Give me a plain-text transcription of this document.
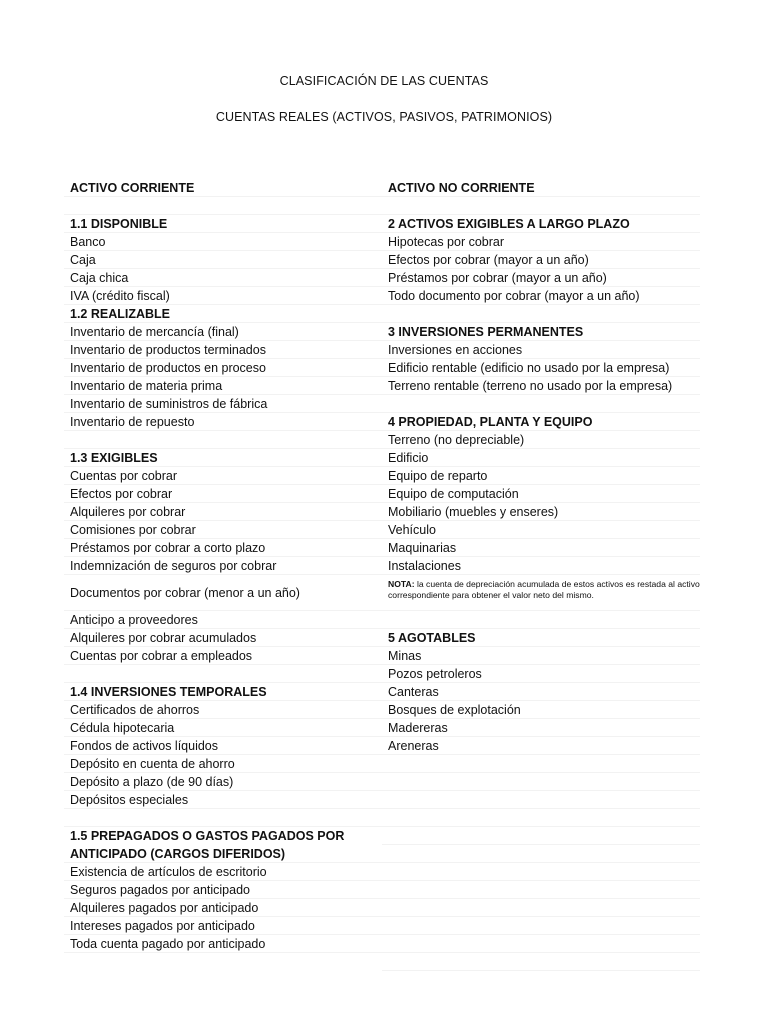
CLASIFICACIÓN DE LAS CUENTAS
CUENTAS REALES (ACTIVOS, PASIVOS, PATRIMONIOS)
ACTIVO CORRIENTE
1.1 DISPONIBLE
Banco
Caja
Caja chica
IVA (crédito fiscal)
1.2 REALIZABLE
Inventario de mercancía (final)
Inventario de productos terminados
Inventario de productos en proceso
Inventario de materia prima
Inventario de suministros de fábrica
Inventario de repuesto
1.3 EXIGIBLES
Cuentas por cobrar
Efectos por cobrar
Alquileres por cobrar
Comisiones por cobrar
Préstamos por cobrar a corto plazo
Indemnización de seguros por cobrar
Documentos por cobrar (menor a un año)
Anticipo a proveedores
Alquileres por cobrar acumulados
Cuentas por cobrar a empleados
1.4 INVERSIONES TEMPORALES
Certificados de ahorros
Cédula hipotecaria
Fondos de activos líquidos
Depósito en cuenta de ahorro
Depósito a plazo (de 90 días)
Depósitos especiales
1.5 PREPAGADOS O GASTOS PAGADOS POR ANTICIPADO (CARGOS DIFERIDOS)
Existencia de artículos de escritorio
Seguros pagados por anticipado
Alquileres pagados por anticipado
Intereses pagados por anticipado
Toda cuenta pagado por anticipado
ACTIVO NO CORRIENTE
2 ACTIVOS EXIGIBLES A LARGO PLAZO
Hipotecas por cobrar
Efectos por cobrar (mayor a un año)
Préstamos por cobrar (mayor a un año)
Todo documento por cobrar (mayor a un año)
3 INVERSIONES PERMANENTES
Inversiones en acciones
Edificio rentable (edificio no usado por la empresa)
Terreno rentable (terreno no usado por la empresa)
4 PROPIEDAD, PLANTA Y EQUIPO
Terreno (no depreciable)
Edificio
Equipo de reparto
Equipo de computación
Mobiliario (muebles y enseres)
Vehículo
Maquinarias
Instalaciones
NOTA: la cuenta de depreciación acumulada de estos activos es restada al activo correspondiente para obtener el valor neto del mismo.
5 AGOTABLES
Minas
Pozos petroleros
Canteras
Bosques de explotación
Madereras
Areneras
